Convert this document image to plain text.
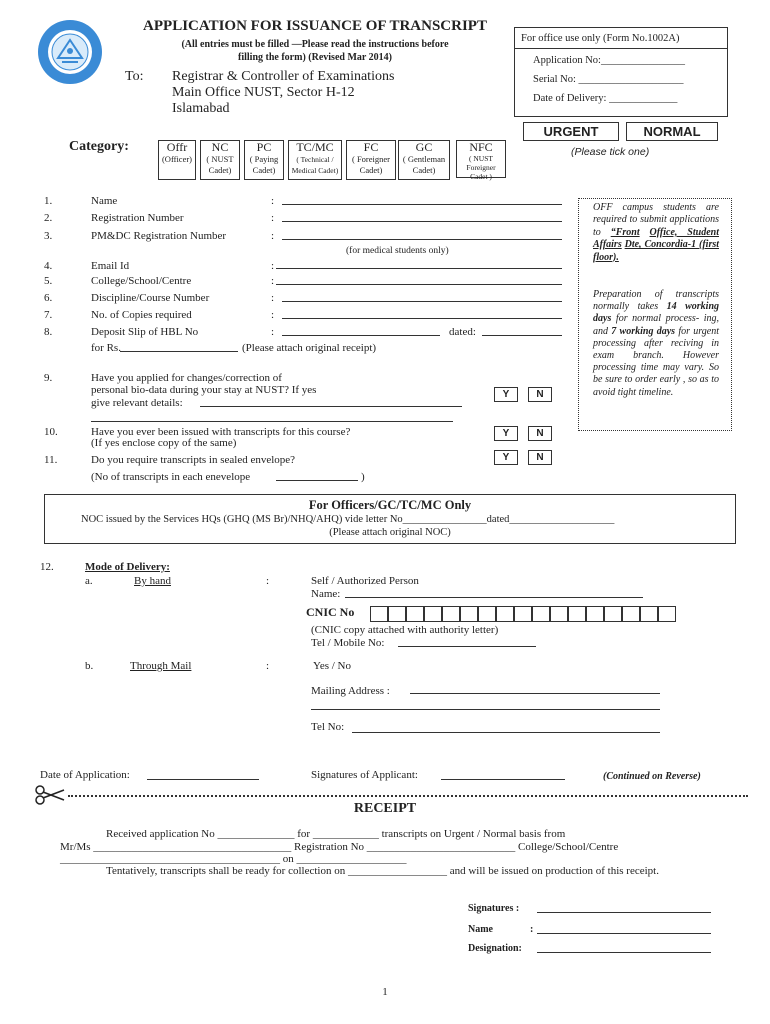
APPLICATION FOR ISSUANCE OF TRANSCRIPT
(All entries must be filled —Please read the instructions before
filling the form) (Revised Mar 2014)
To: Registrar & Controller of Examinations
Main Office NUST, Sector H-12
Islamabad
For office use only (Form No.1002A)
Application No:________________
Serial No: ____________________
Date of Delivery: _____________
URGENT	NORMAL
(Please tick one)
Category:	Offr
(Officer)
NC
( NUST
Cadet)
PC
( Paying
Cadet)
TC/MC
( Technical /
Medical Cadet)
FC
( Foreigner
Cadet)
GC
( Gentleman
Cadet)
NFC
( NUST
Foreigner
Cadet )
1.	Name	:
2.	Registration Number	:
3.	PM&DC Registration Number	:
(for medical students only)
4.	Email Id	:
5.	College/School/Centre	:
6.	Discipline/Course Number	:
7.	No. of Copies required	:
8.	Deposit Slip of HBL No	:	dated:
for Rs.	(Please attach original receipt)
9.	Have you applied for changes/correction of
personal bio-data during your stay at NUST? If yes
give relevant details:
Y	N
10.	Have you ever been issued with transcripts for this course?
(If yes enclose copy of the same)
Y	N
11.	Do you require transcripts in sealed envelope?	Y	N
(No of transcripts in each enevelope	)
OFF campus students are required to submit applications to “Front Office, Student Affairs Dte, Concordia-1 (first floor).
Preparation of transcripts normally takes 14 working days for normal process- ing, and 7 working days for urgent processing after reciving in exam branch. However processing time may vary. So be sure to order early , so as to avoid tight timeline.
For Officers/GC/TC/MC Only
NOC issued by the Services HQs (GHQ (MS Br)/NHQ/AHQ) vide letter No________________dated____________________
(Please attach original NOC)
12.	Mode of Delivery:
a.	By hand	:	Self / Authorized Person
Name:
CNIC No
(CNIC copy attached with authority letter)
Tel / Mobile No:
b.	Through Mail	:	Yes / No
Mailing Address :
Tel No:
Date of Application:	Signatures of Applicant:	(Continued on Reverse)
RECEIPT
Received application No ______________ for ____________ transcripts on Urgent / Normal basis from
Mr/Ms ____________________________________ Registration No ___________________________ College/School/Centre
________________________________________ on ____________________
Tentatively, transcripts shall be ready for collection on __________________ and will be issued on production of this receipt.
Signatures :
Name	:
Designation:
1
